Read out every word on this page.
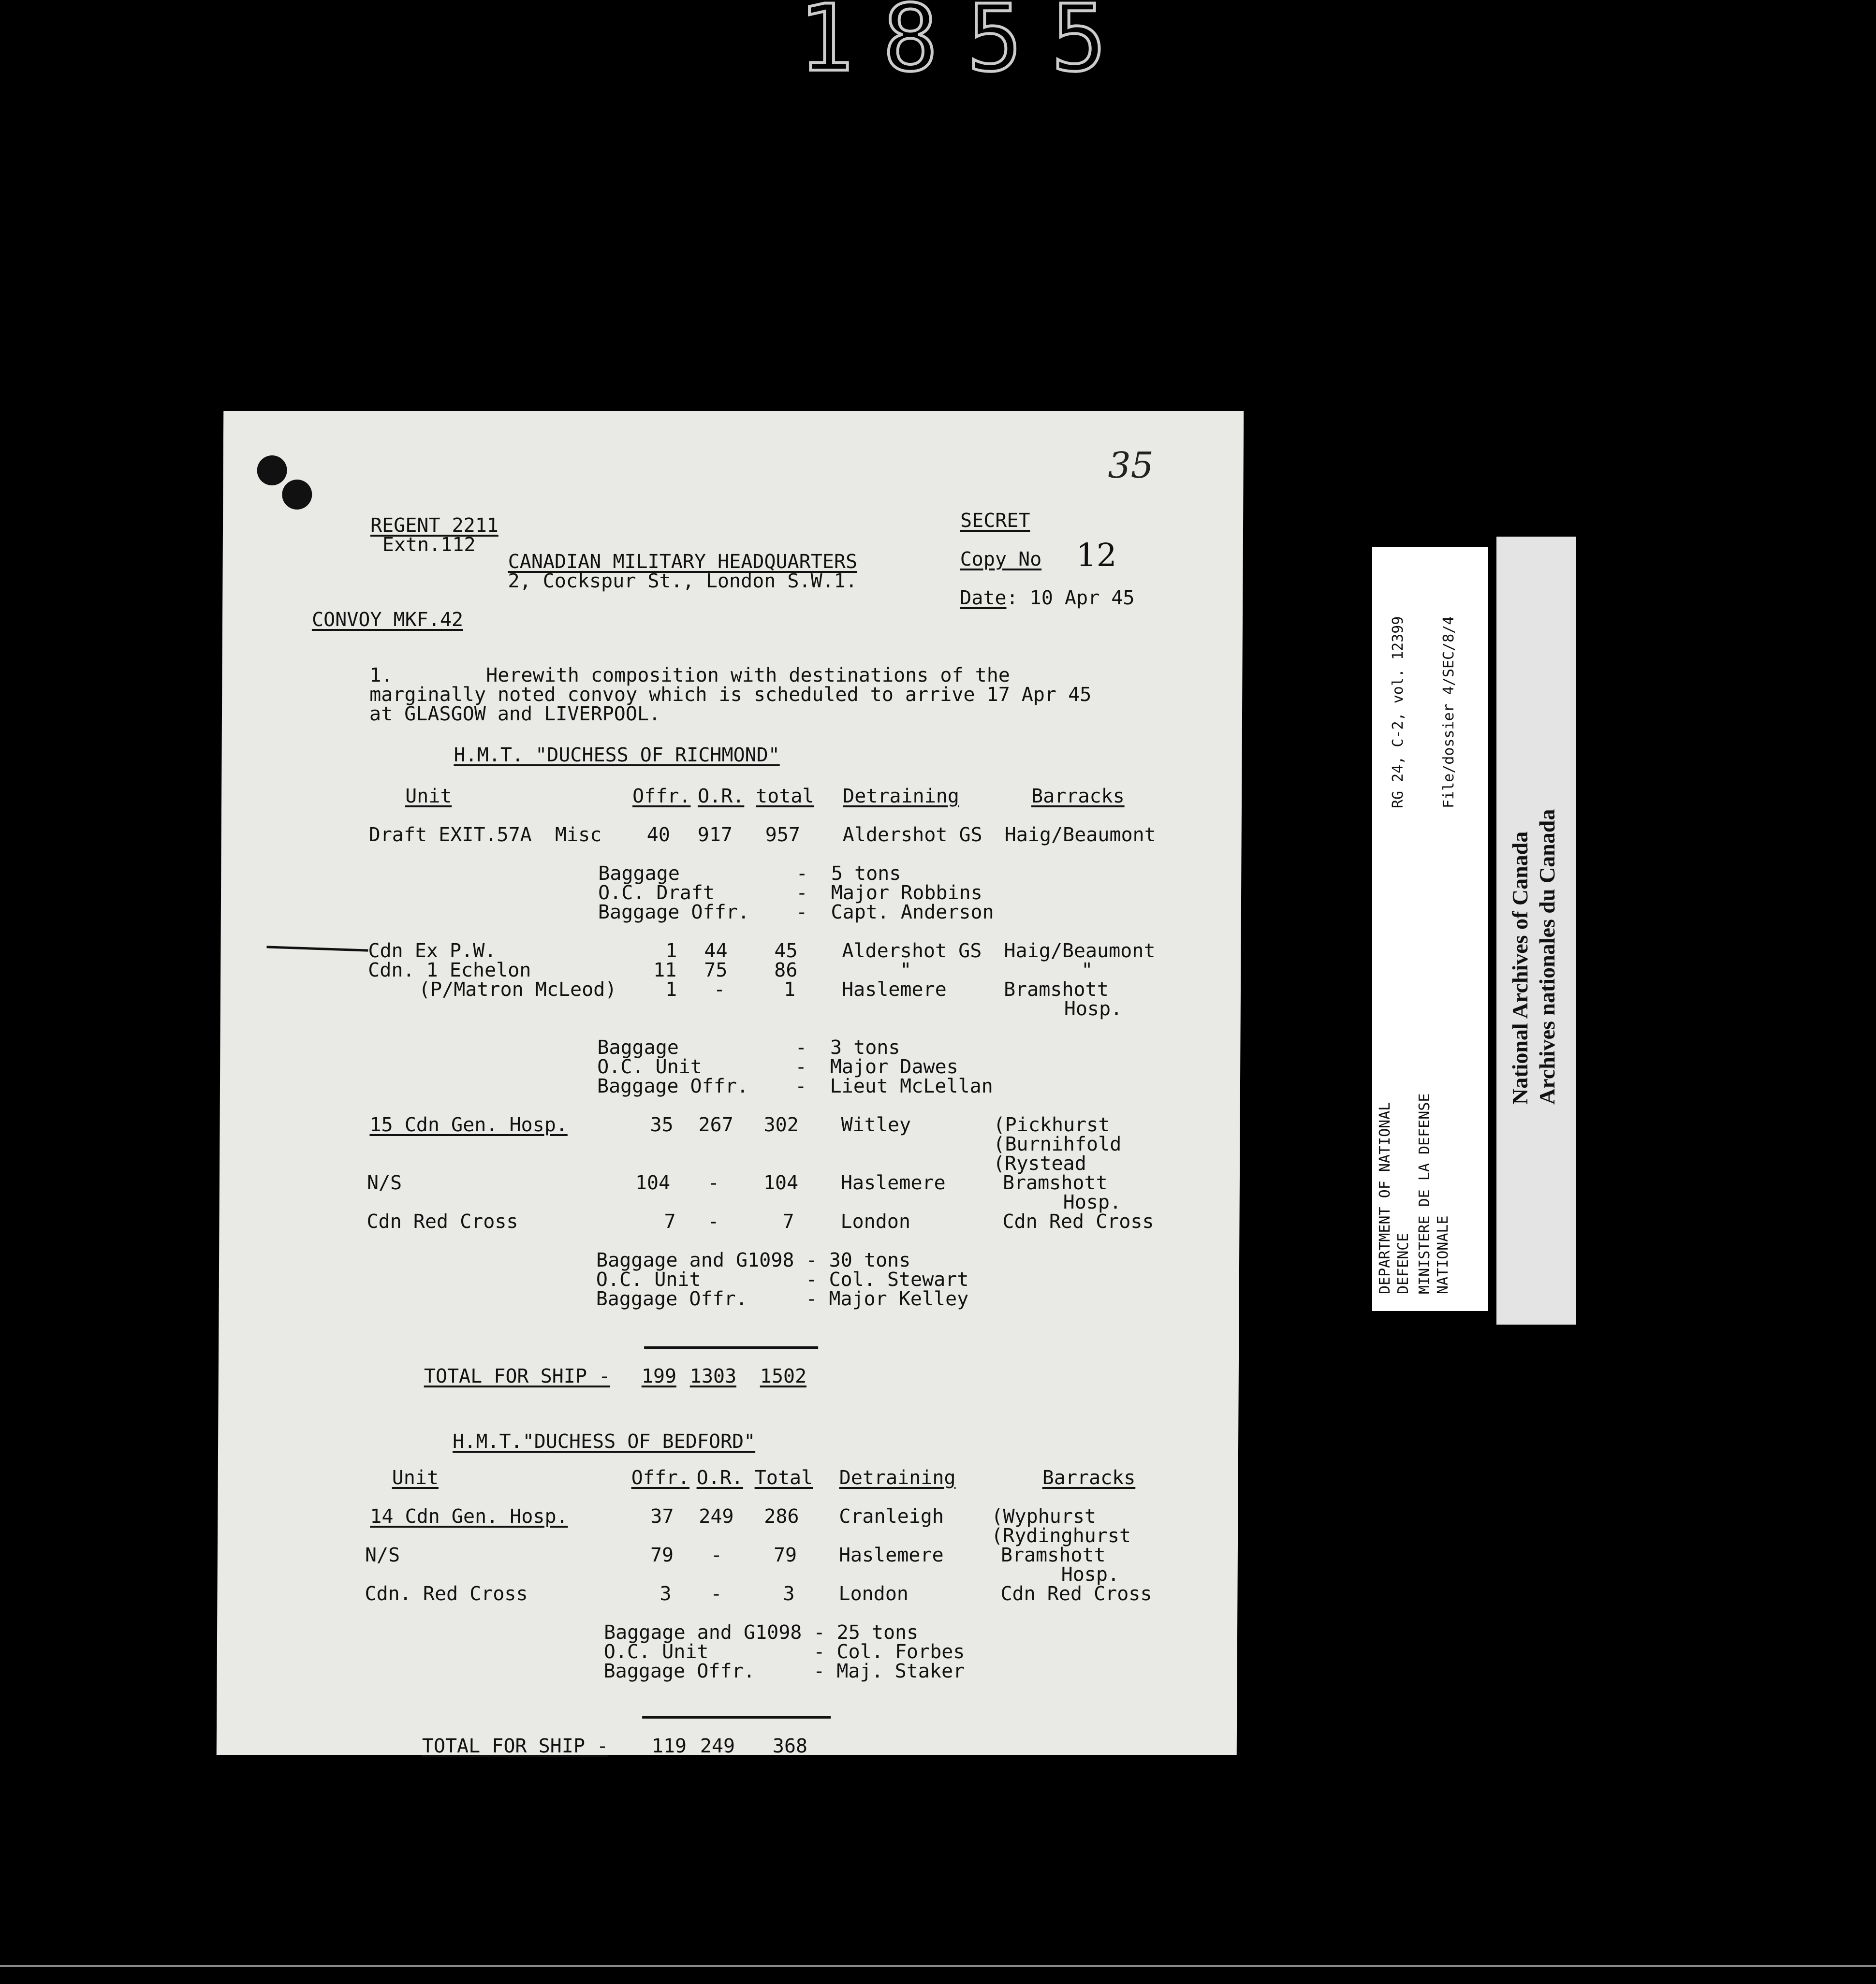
1855
35
REGENT 2211
Extn.112
CANADIAN MILITARY HEADQUARTERS
2, Cockspur St., London S.W.1.
SECRET
Copy No 12
Date: 10 Apr 45
CONVOY MKF.42
1.        Herewith composition with destinations of the
marginally noted convoy which is scheduled to arrive 17 Apr 45
at GLASGOW and LIVERPOOL.
H.M.T. "DUCHESS OF RICHMOND"
Unit	Offr. O.R. total Detraining	Barracks
Draft EXIT.57A  Misc 40 917 957 Aldershot GS Haig/Beaumont
Baggage          -  5 tons
O.C. Draft       -  Major Robbins
Baggage Offr.    -  Capt. Anderson
Cdn Ex P.W.	1 44 45 Aldershot GS Haig/Beaumont
Cdn. 1 Echelon	11 75 86	"	"
(P/Matron McLeod)	1 -	1 Haslemere	Bramshott
Hosp.
Baggage          -  3 tons
O.C. Unit        -  Major Dawes
Baggage Offr.    -  Lieut McLellan
15 Cdn Gen. Hosp.	35 267 302 Witley	(Pickhurst
(Burnihfold
(Rystead
N/S	104 - 104 Haslemere	Bramshott
Hosp.
Cdn Red Cross	7 -	7 London	Cdn Red Cross
Baggage and G1098 - 30 tons
O.C. Unit         - Col. Stewart
Baggage Offr.     - Major Kelley
TOTAL FOR SHIP - 199 1303 1502
H.M.T."DUCHESS OF BEDFORD"
Unit	Offr. O.R. Total Detraining	Barracks
14 Cdn Gen. Hosp.	37 249 286 Cranleigh (Wyphurst
(Rydinghurst
N/S	79 -	79 Haslemere	Bramshott
Hosp.
Cdn. Red Cross	3 -	3 London	Cdn Red Cross
Baggage and G1098 - 25 tons
O.C. Unit         - Col. Forbes
Baggage Offr.     - Maj. Staker
TOTAL FOR SHIP - 119 249 368
DEPARTMENT OF NATIONAL
DEFENCE MINISTERE DE LA DEFENSE
NATIONALE
RG 24, C-2, vol. 12399 File/dossier 4/SEC/8/4
National Archives of Canada Archives nationales du Canada
